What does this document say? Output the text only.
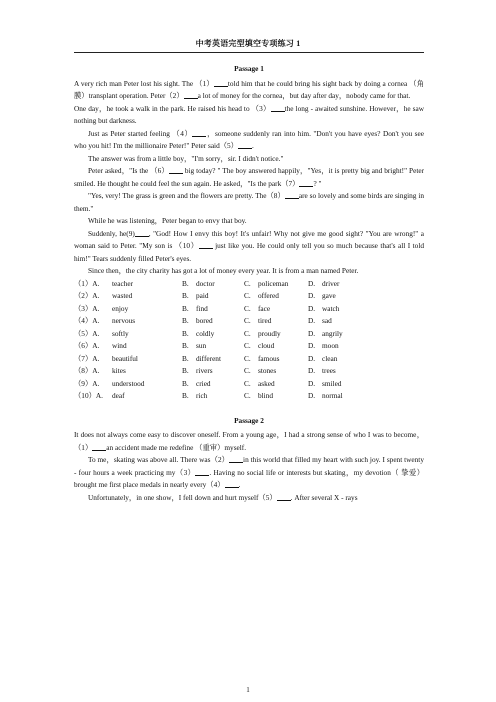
中考英语完型填空专项练习 1
Passage 1

A very rich man Peter lost his sight. The （1） told him that he could bring his sight back by doing a cornea （角膜）transplant operation. Peter（2） a lot of money for the cornea，but day after day，nobody came for that.

One day，he took a walk in the park. He raised his head to （3） the long - awaited sunshine. However，he saw nothing but darkness.

Just as Peter started feeling （4） ，someone suddenly ran into him. "Don't you have eyes? Don't you see who you hit! I'm the millionaire Peter!" Peter said（5） .

The answer was from a little boy，"I'm sorry，sir. I didn't notice."

Peter asked，"Is the （6） big today? " The boy answered happily，"Yes，it is pretty big and bright!" Peter smiled. He thought he could feel the sun again. He asked，"Is the park（7） ? "

"Yes, very! The grass is green and the flowers are pretty. The（8） are so lovely and some birds are singing in them."

While he was listening，Peter began to envy that boy.

Suddenly, he(9) , "God! How I envy this boy! It's unfair! Why not give me good sight? "You are wrong!" a woman said to Peter. "My son is （10） just like you. He could only tell you so much because that's all I told him!" Tears suddenly filled Peter's eyes.

Since then，the city charity has got a lot of money every year. It is from a man named Peter.

（1）A.	teacher	B. doctor	C. policeman	D. driver
（2）A.	wasted	B. paid	C. offered	D. gave
（3）A.	enjoy	B. find	C. face	D. watch
（4）A.	nervous	B. bored	C. tired	D. sad
（5）A.	softly	B. coldly	C. proudly	D. angrily
（6）A.	wind	B. sun	C. cloud	D. moon
（7）A.	beautiful	B. different	C. famous	D. clean
（8）A.	kites	B. rivers	C. stones	D. trees
（9）A.	understood	B. cried	C. asked	D. smiled
（10）A.	deaf	B. rich	C. blind	D. normal
Passage 2

It does not always come easy to discover oneself. From a young age，I had a strong sense of who I was to become，（1） an accident made me redefine （重审）myself.

To me，skating was above all. There was（2） in this world that filled my heart with such joy. I spent twenty - four hours a week practicing my（3） . Having no social life or interests but skating，my devotion（ 挚爱）brought me first place medals in nearly every（4） .

Unfortunately，in one show，I fell down and hurt myself（5） . After several X - rays

1
